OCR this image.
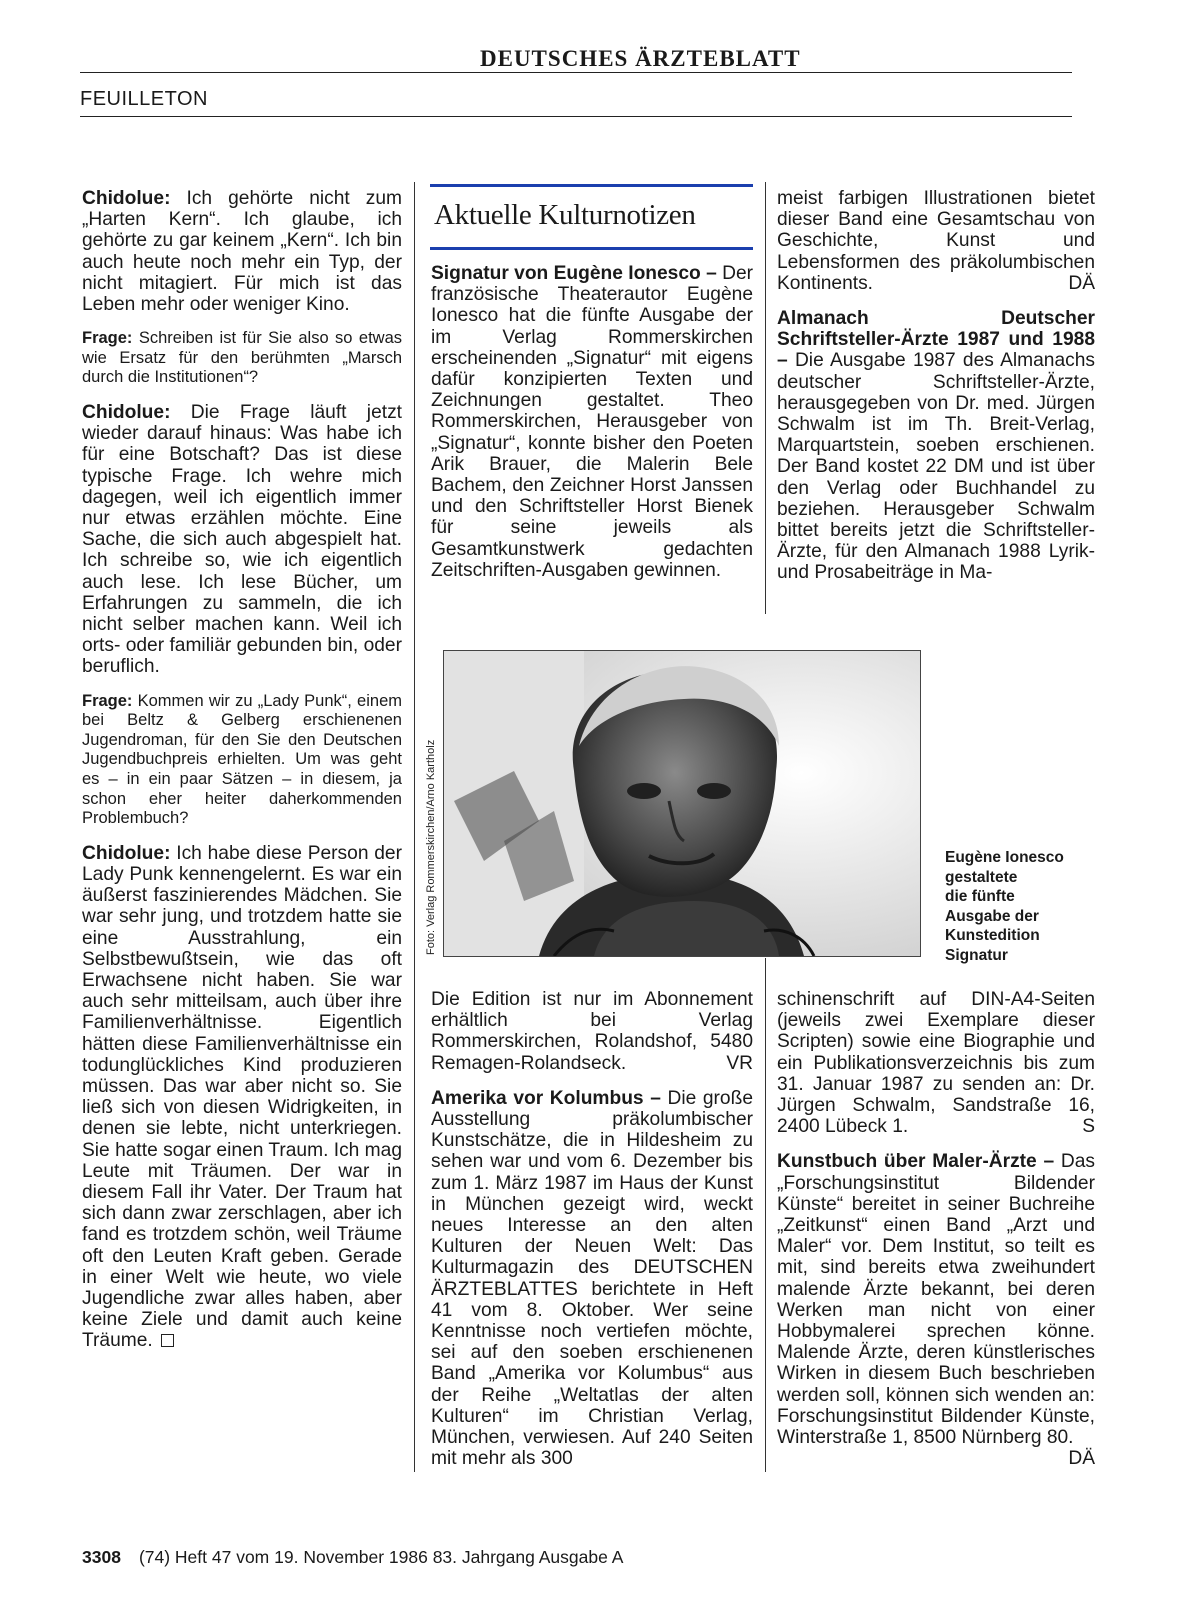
DEUTSCHES ÄRZTEBLATT
FEUILLETON

Chidolue: Ich gehörte nicht zum „Harten Kern“. Ich glaube, ich gehörte zu gar keinem „Kern“. Ich bin auch heute noch mehr ein Typ, der nicht mitagiert. Für mich ist das Leben mehr oder weniger Kino.

Frage: Schreiben ist für Sie also so etwas wie Ersatz für den berühmten „Marsch durch die Institutionen“?

Chidolue: Die Frage läuft jetzt wieder darauf hinaus: Was habe ich für eine Botschaft? Das ist diese typische Frage. Ich wehre mich dagegen, weil ich eigentlich immer nur etwas erzählen möchte. Eine Sache, die sich auch abgespielt hat. Ich schreibe so, wie ich eigentlich auch lese. Ich lese Bücher, um Erfahrungen zu sammeln, die ich nicht selber machen kann. Weil ich orts- oder familiär gebunden bin, oder beruflich.

Frage: Kommen wir zu „Lady Punk“, einem bei Beltz & Gelberg erschienenen Jugendroman, für den Sie den Deutschen Jugendbuchpreis erhielten. Um was geht es – in ein paar Sätzen – in diesem, ja schon eher heiter daherkommenden Problembuch?

Chidolue: Ich habe diese Person der Lady Punk kennengelernt. Es war ein äußerst faszinierendes Mädchen. Sie war sehr jung, und trotzdem hatte sie eine Ausstrahlung, ein Selbstbewußtsein, wie das oft Erwachsene nicht haben. Sie war auch sehr mitteilsam, auch über ihre Familienverhältnisse. Eigentlich hätten diese Familienverhältnisse ein todunglückliches Kind produzieren müssen. Das war aber nicht so. Sie ließ sich von diesen Widrigkeiten, in denen sie lebte, nicht unterkriegen. Sie hatte sogar einen Traum. Ich mag Leute mit Träumen. Der war in diesem Fall ihr Vater. Der Traum hat sich dann zwar zerschlagen, aber ich fand es trotzdem schön, weil Träume oft den Leuten Kraft geben. Gerade in einer Welt wie heute, wo viele Jugendliche zwar alles haben, aber keine Ziele und damit auch keine Träume.

Aktuelle Kulturnotizen

Signatur von Eugène Ionesco – Der französische Theaterautor Eugène Ionesco hat die fünfte Ausgabe der im Verlag Rommerskirchen erscheinenden „Signatur“ mit eigens dafür konzipierten Texten und Zeichnungen gestaltet. Theo Rommerskirchen, Herausgeber von „Signatur“, konnte bisher den Poeten Arik Brauer, die Malerin Bele Bachem, den Zeichner Horst Janssen und den Schriftsteller Horst Bienek für seine jeweils als Gesamtkunstwerk gedachten Zeitschriften-Ausgaben gewinnen.

meist farbigen Illustrationen bietet dieser Band eine Gesamtschau von Geschichte, Kunst und Lebensformen des präkolumbischen Kontinents.	DÄ

Almanach Deutscher Schriftsteller-Ärzte 1987 und 1988 – Die Ausgabe 1987 des Almanachs deutscher Schriftsteller-Ärzte, herausgegeben von Dr. med. Jürgen Schwalm ist im Th. Breit-Verlag, Marquartstein, soeben erschienen. Der Band kostet 22 DM und ist über den Verlag oder Buchhandel zu beziehen. Herausgeber Schwalm bittet bereits jetzt die Schriftsteller-Ärzte, für den Almanach 1988 Lyrik- und Prosabeiträge in Ma-

Foto: Verlag Rommerskirchen/Arno Kartholz	Eugène Ionesco
gestaltete
die fünfte
Ausgabe der
Kunstedition
Signatur

Die Edition ist nur im Abonnement erhältlich bei Verlag Rommerskirchen, Rolandshof, 5480 Remagen-Rolandseck.	VR

Amerika vor Kolumbus – Die große Ausstellung präkolumbischer Kunstschätze, die in Hildesheim zu sehen war und vom 6. Dezember bis zum 1. März 1987 im Haus der Kunst in München gezeigt wird, weckt neues Interesse an den alten Kulturen der Neuen Welt: Das Kulturmagazin des DEUTSCHEN ÄRZTEBLATTES berichtete in Heft 41 vom 8. Oktober. Wer seine Kenntnisse noch vertiefen möchte, sei auf den soeben erschienenen Band „Amerika vor Kolumbus“ aus der Reihe „Weltatlas der alten Kulturen“ im Christian Verlag, München, verwiesen. Auf 240 Seiten mit mehr als 300

schinenschrift auf DIN-A4-Seiten (jeweils zwei Exemplare dieser Scripten) sowie eine Biographie und ein Publikationsverzeichnis bis zum 31. Januar 1987 zu senden an: Dr. Jürgen Schwalm, Sandstraße 16, 2400 Lübeck 1.	S

Kunstbuch über Maler-Ärzte – Das „Forschungsinstitut Bildender Künste“ bereitet in seiner Buchreihe „Zeitkunst“ einen Band „Arzt und Maler“ vor. Dem Institut, so teilt es mit, sind bereits etwa zweihundert malende Ärzte bekannt, bei deren Werken man nicht von einer Hobbymalerei sprechen könne. Malende Ärzte, deren künstlerisches Wirken in diesem Buch beschrieben werden soll, können sich wenden an: Forschungsinstitut Bildender Künste, Winterstraße 1, 8500 Nürnberg 80.
DÄ

3308 (74) Heft 47 vom 19. November 1986 83. Jahrgang Ausgabe A
